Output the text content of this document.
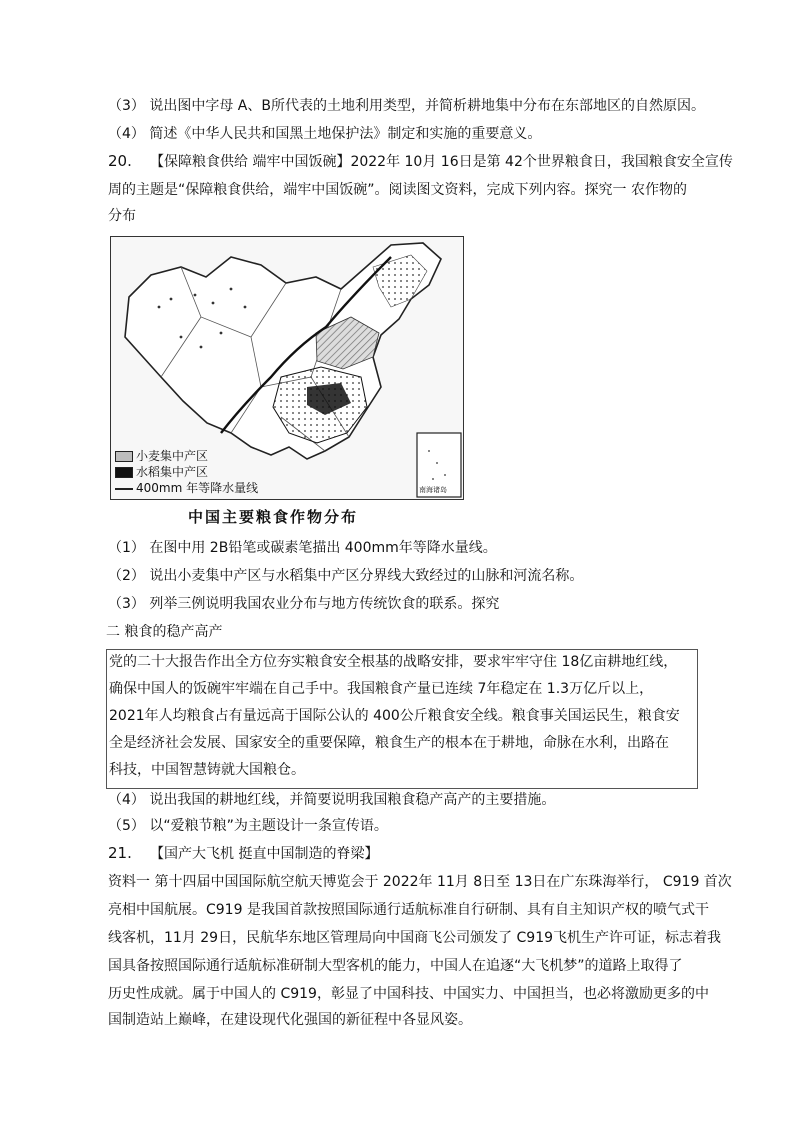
（3） 说出图中字母 A、B所代表的土地利用类型，并简析耕地集中分布在东部地区的自然原因。
（4） 简述《中华人民共和国黑土地保护法》制定和实施的重要意义。
20. 【保障粮食供给 端牢中国饭碗】2022年 10月 16日是第 42个世界粮食日，我国粮食安全宣传
周的主题是“保障粮食供给，端牢中国饭碗”。阅读图文资料，完成下列内容。探究一 农作物的
分布
小麦集中产区
水稻集中产区
400mm 年等降水量线	南海诸岛
中国主要粮食作物分布
（1） 在图中用 2B铅笔或碳素笔描出 400mm年等降水量线。
（2） 说出小麦集中产区与水稻集中产区分界线大致经过的山脉和河流名称。
（3） 列举三例说明我国农业分布与地方传统饮食的联系。探究
二 粮食的稳产高产
党的二十大报告作出全方位夯实粮食安全根基的战略安排，要求牢牢守住 18亿亩耕地红线，
确保中国人的饭碗牢牢端在自己手中。我国粮食产量已连续 7年稳定在 1.3万亿斤以上，
2021年人均粮食占有量远高于国际公认的 400公斤粮食安全线。粮食事关国运民生，粮食安
全是经济社会发展、国家安全的重要保障，粮食生产的根本在于耕地，命脉在水利，出路在
科技，中国智慧铸就大国粮仓。
（4） 说出我国的耕地红线，并简要说明我国粮食稳产高产的主要措施。
（5） 以“爱粮节粮”为主题设计一条宣传语。
21. 【国产大飞机 挺直中国制造的脊梁】
资料一 第十四届中国国际航空航天博览会于 2022年 11月 8日至 13日在广东珠海举行， C919 首次
亮相中国航展。C919 是我国首款按照国际通行适航标准自行研制、具有自主知识产权的喷气式干
线客机，11月 29日，民航华东地区管理局向中国商飞公司颁发了 C919飞机生产许可证，标志着我
国具备按照国际通行适航标准研制大型客机的能力，中国人在追逐“大飞机梦”的道路上取得了
历史性成就。属于中国人的 C919，彰显了中国科技、中国实力、中国担当，也必将激励更多的中
国制造站上巅峰，在建设现代化强国的新征程中各显风姿。
